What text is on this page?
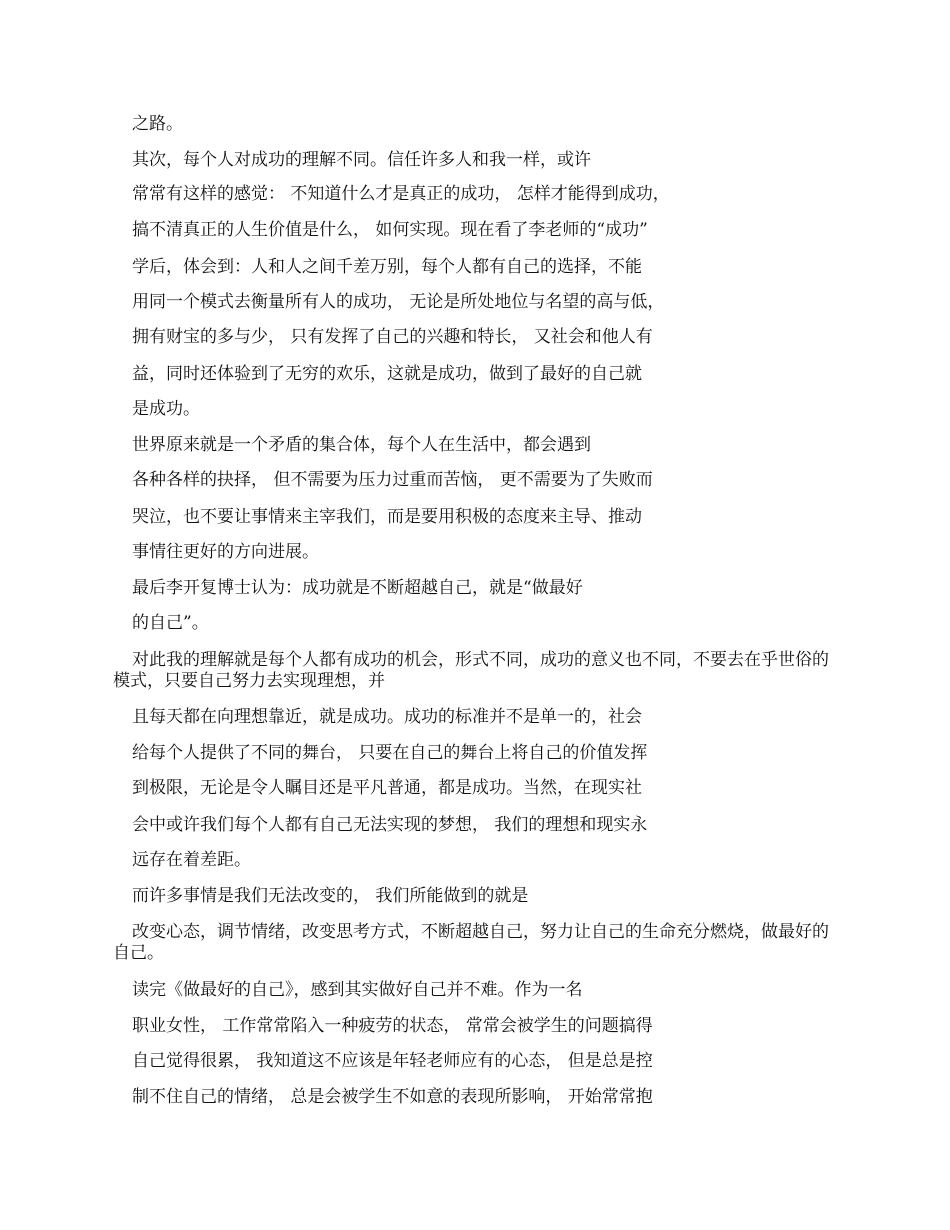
之路。

其次，每个人对成功的理解不同。信任许多人和我一样，或许

常常有这样的感觉： 不知道什么才是真正的成功， 怎样才能得到成功，

搞不清真正的人生价值是什么， 如何实现。现在看了李老师的“成功”

学后，体会到：人和人之间千差万别，每个人都有自己的选择，不能

用同一个模式去衡量所有人的成功， 无论是所处地位与名望的高与低，

拥有财宝的多与少， 只有发挥了自己的兴趣和特长， 又社会和他人有

益，同时还体验到了无穷的欢乐，这就是成功，做到了最好的自己就

是成功。

世界原来就是一个矛盾的集合体，每个人在生活中，都会遇到

各种各样的抉择， 但不需要为压力过重而苦恼， 更不需要为了失败而

哭泣，也不要让事情来主宰我们，而是要用积极的态度来主导、推动

事情往更好的方向进展。

最后李开复博士认为：成功就是不断超越自己，就是“做最好

的自己”。

对此我的理解就是每个人都有成功的机会，形式不同，成功的意义也不同，不要去在乎世俗的模式，只要自己努力去实现理想，并

且每天都在向理想靠近，就是成功。成功的标准并不是单一的，社会

给每个人提供了不同的舞台， 只要在自己的舞台上将自己的价值发挥

到极限，无论是令人瞩目还是平凡普通，都是成功。当然，在现实社

会中或许我们每个人都有自己无法实现的梦想， 我们的理想和现实永

远存在着差距。

而许多事情是我们无法改变的， 我们所能做到的就是

改变心态，调节情绪，改变思考方式，不断超越自己，努力让自己的生命充分燃烧，做最好的自己。

读完《做最好的自己》，感到其实做好自己并不难。作为一名

职业女性， 工作常常陷入一种疲劳的状态， 常常会被学生的问题搞得

自己觉得很累， 我知道这不应该是年轻老师应有的心态， 但是总是控

制不住自己的情绪， 总是会被学生不如意的表现所影响， 开始常常抱
